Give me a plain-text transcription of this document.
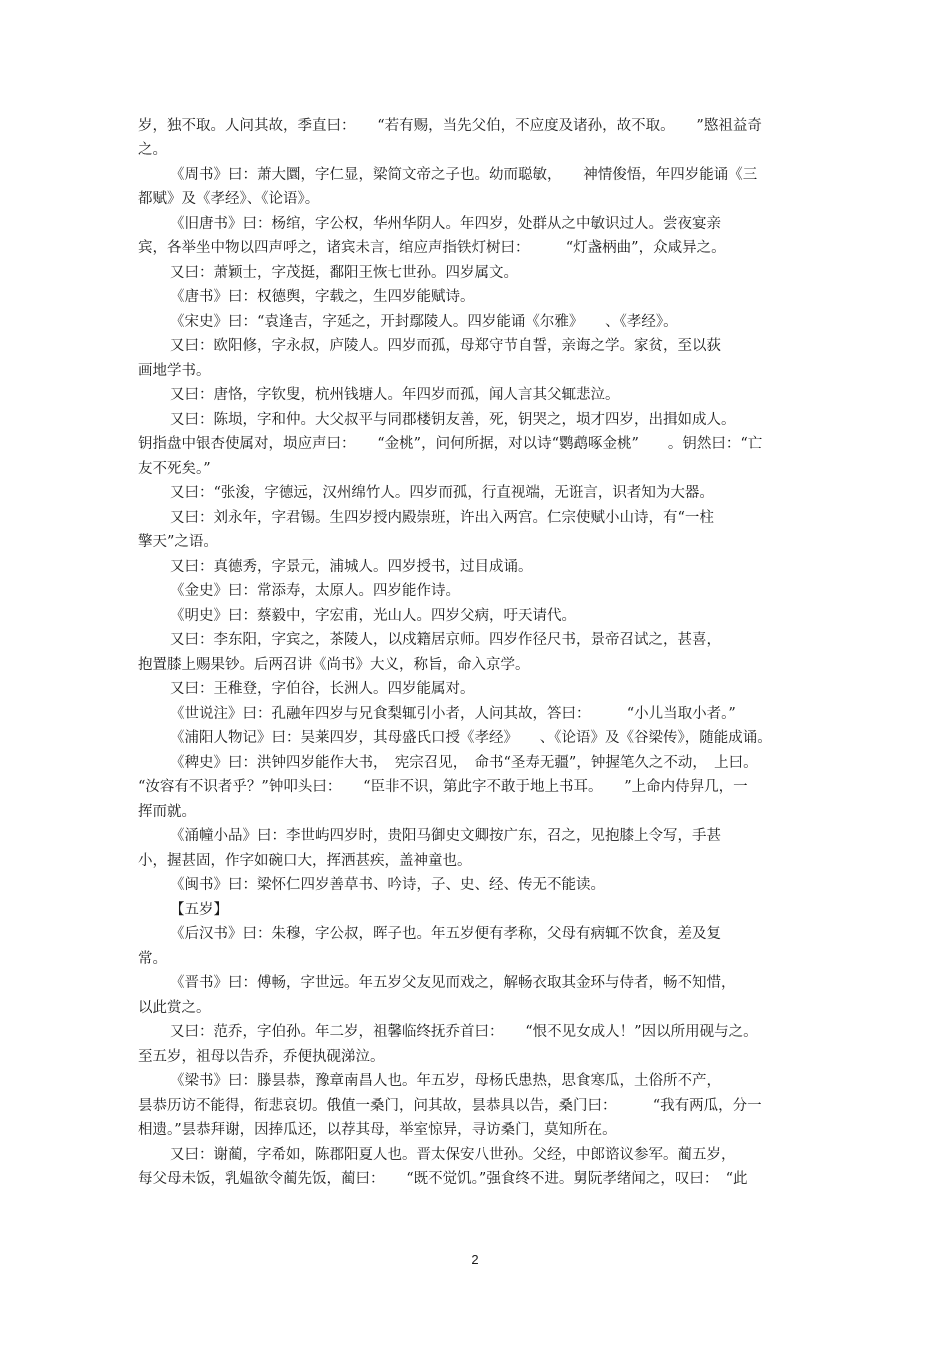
岁，独不取。人问其故，季直曰：　　“若有赐，当先父伯，不应度及诸孙，故不取。　　”愍祖益奇
之。
《周书》曰：萧大圜，字仁显，梁简文帝之子也。幼而聪敏，　　神情俊悟，年四岁能诵《三
都赋》及《孝经》、《论语》。
《旧唐书》曰：杨绾，字公权，华州华阴人。年四岁，处群从之中敏识过人。尝夜宴亲
宾，各举坐中物以四声呼之，诸宾未言，绾应声指铁灯树曰：　　　“灯盏柄曲”，众咸异之。
又曰：萧颖士，字茂挺，鄱阳王恢七世孙。四岁属文。
《唐书》曰：权德舆，字载之，生四岁能赋诗。
《宋史》曰：“袁逢吉，字延之，开封鄢陵人。四岁能诵《尔雅》　　、《孝经》。
又曰：欧阳修，字永叔，庐陵人。四岁而孤，母郑守节自誓，亲诲之学。家贫，至以荻
画地学书。
又曰：唐恪，字钦叟，杭州钱塘人。年四岁而孤，闻人言其父辄悲泣。
又曰：陈埙，字和仲。大父叔平与同郡楼钥友善，死，钥哭之，埙才四岁，出揖如成人。
钥指盘中银杏使属对，埙应声曰：　　“金桃”，问何所据，对以诗“鹦鹉啄金桃”　　。钥然曰：“亡
友不死矣。”
又曰：“张浚，字德远，汉州绵竹人。四岁而孤，行直视端，无诳言，识者知为大器。
又曰：刘永年，字君锡。生四岁授内殿崇班，许出入两宫。仁宗使赋小山诗，有“一柱
擎天”之语。
又曰：真德秀，字景元，浦城人。四岁授书，过目成诵。
《金史》曰：常添寿，太原人。四岁能作诗。
《明史》曰：蔡毅中，字宏甫，光山人。四岁父病，吁天请代。
又曰：李东阳，字宾之，茶陵人，以戍籍居京师。四岁作径尺书，景帝召试之，甚喜，
抱置膝上赐果钞。后两召讲《尚书》大义，称旨，命入京学。
又曰：王稚登，字伯谷，长洲人。四岁能属对。
《世说注》曰：孔融年四岁与兄食梨辄引小者，人问其故，答曰：　　　“小儿当取小者。”
《浦阳人物记》曰：吴莱四岁，其母盛氏口授《孝经》　　、《论语》及《谷梁传》，随能成诵。
《稗史》曰：洪钟四岁能作大书，　宪宗召见，　命书“圣寿无疆”，钟握笔久之不动，　上曰。
“汝容有不识者乎？”钟叩头曰：　　“臣非不识，第此字不敢于地上书耳。　　”上命内侍舁几，一
挥而就。
《涌幢小品》曰：李世屿四岁时，贵阳马御史文卿按广东，召之，见抱膝上令写，手甚
小，握甚固，作字如碗口大，挥洒甚疾，盖神童也。
《闽书》曰：梁怀仁四岁善草书、吟诗，子、史、经、传无不能读。
【五岁】
《后汉书》曰：朱穆，字公叔，晖子也。年五岁便有孝称，父母有病辄不饮食，差及复
常。
《晋书》曰：傅畅，字世远。年五岁父友见而戏之，解畅衣取其金环与侍者，畅不知惜，
以此赏之。
又曰：范乔，字伯孙。年二岁，祖馨临终抚乔首曰：　　“恨不见女成人！”因以所用砚与之。
至五岁，祖母以告乔，乔便执砚涕泣。
《梁书》曰：滕昙恭，豫章南昌人也。年五岁，母杨氏患热，思食寒瓜，土俗所不产，
昙恭历访不能得，衔悲哀切。俄值一桑门，问其故，昙恭具以告，桑门曰：　　　“我有两瓜，分一
相遗。”昙恭拜谢，因捧瓜还，以荐其母，举室惊异，寻访桑门，莫知所在。
又曰：谢蔺，字希如，陈郡阳夏人也。晋太保安八世孙。父经，中郎谘议参军。蔺五岁，
每父母未饭，乳媪欲令蔺先饭，蔺曰：　　“既不觉饥。”强食终不进。舅阮孝绪闻之，叹曰：　“此
2
